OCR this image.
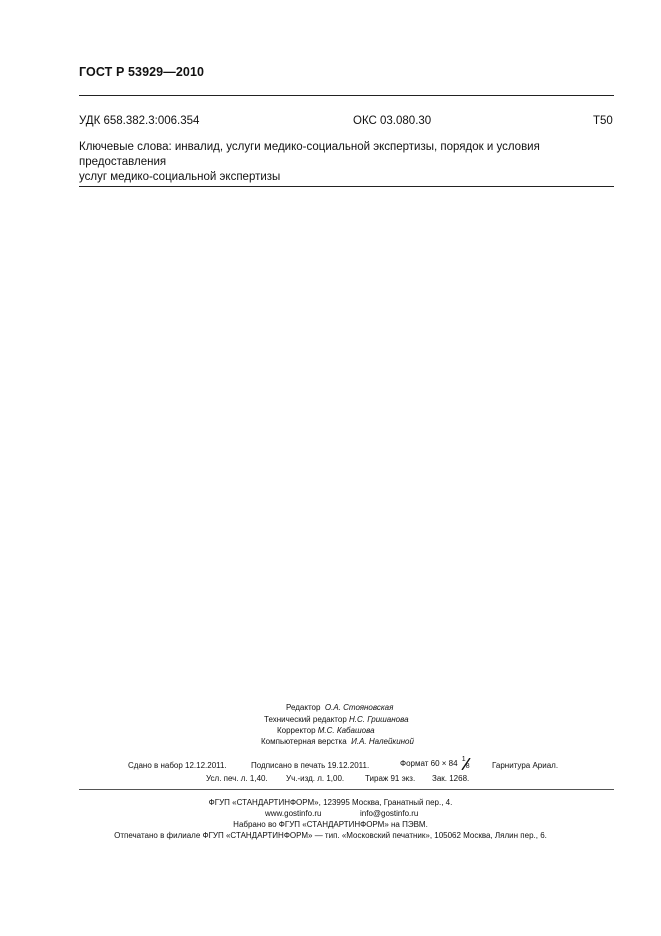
ГОСТ Р 53929—2010
УДК 658.382.3:006.354	ОКС 03.080.30	Т50
Ключевые слова: инвалид, услуги медико-социальной экспертизы, порядок и условия предоставления
услуг медико-социальной экспертизы
Редактор О.А. Стояновская
Технический редактор Н.С. Гришанова
Корректор М.С. Кабашова
Компьютерная верстка И.А. Налейкиной
Сдано в набор 12.12.2011.	Подписано в печать 19.12.2011.	Формат 60 × 84 1
8	Гарнитура Ариал.
Усл. печ. л. 1,40. Уч.-изд. л. 1,00.	Тираж 91 экз. Зак. 1268.
ФГУП «СТАНДАРТИНФОРМ», 123995 Москва, Гранатный пер., 4.
www.gostinfo.ru	info@gostinfo.ru
Набрано во ФГУП «СТАНДАРТИНФОРМ» на ПЭВМ.
Отпечатано в филиале ФГУП «СТАНДАРТИНФОРМ» — тип. «Московский печатник», 105062 Москва, Лялин пер., 6.
